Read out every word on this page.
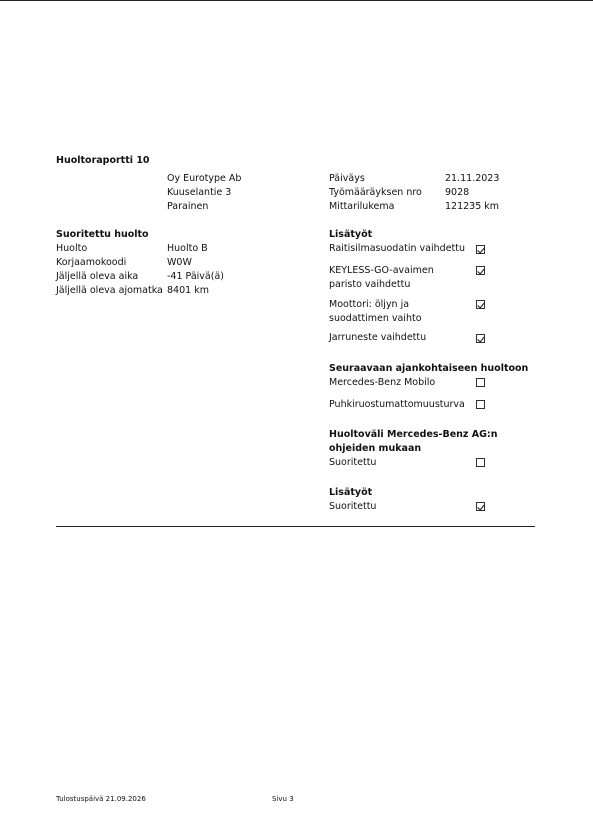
Huoltoraportti 10
Oy Eurotype Ab
Kuuselantie 3
Parainen
Päiväys	21.11.2023
Työmääräyksen nro 9028
Mittarilukema	121235 km
Suoritettu huolto
Huolto	Huolto B
Korjaamokoodi	W0W
Jäljellä oleva aika	-41 Päivä(ä)
Jäljellä oleva ajomatka 8401 km
Lisätyöt
Raitisilmasuodatin vaihdettu
KEYLESS-GO-avaimen paristo vaihdettu
Moottori: öljyn ja suodattimen vaihto
Jarruneste vaihdettu
Seuraavaan ajankohtaiseen huoltoon
Mercedes-Benz Mobilo
Puhkiruostumattomuusturva
Huoltoväli Mercedes-Benz AG:n ohjeiden mukaan
Suoritettu
Lisätyöt
Suoritettu
Tulostuspäivä 21.09.2026	Sivu 3
